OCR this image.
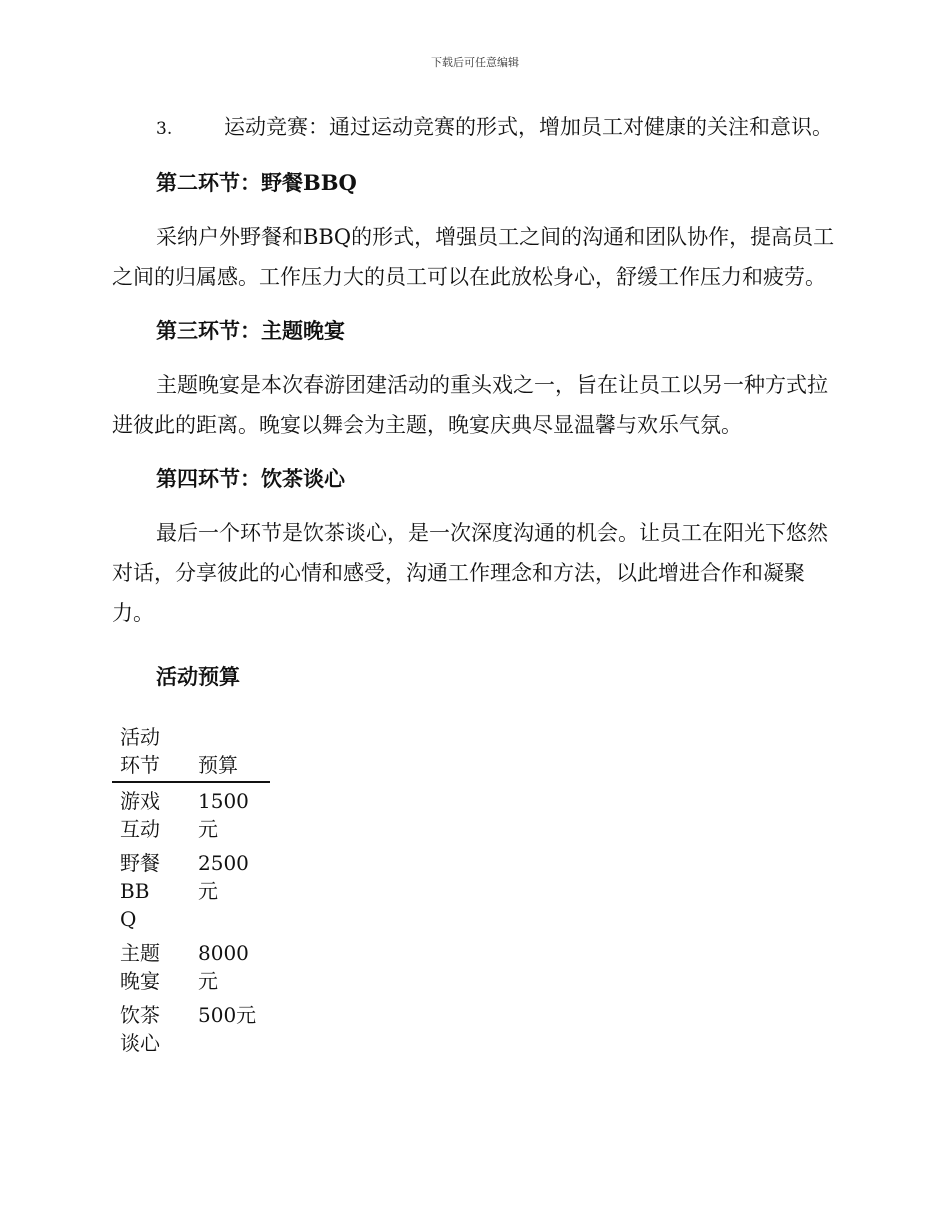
下载后可任意编辑
3. 运动竞赛：通过运动竞赛的形式，增加员工对健康的关注和意识。
第二环节：野餐BBQ
采纳户外野餐和BBQ的形式，增强员工之间的沟通和团队协作，提高员工之间的归属感。工作压力大的员工可以在此放松身心，舒缓工作压力和疲劳。
第三环节：主题晚宴
主题晚宴是本次春游团建活动的重头戏之一，旨在让员工以另一种方式拉进彼此的距离。晚宴以舞会为主题，晚宴庆典尽显温馨与欢乐气氛。
第四环节：饮茶谈心
最后一个环节是饮茶谈心，是一次深度沟通的机会。让员工在阳光下悠然对话，分享彼此的心情和感受，沟通工作理念和方法，以此增进合作和凝聚力。
活动预算
活动环节	预算

游戏互动	1500元

野餐BBQ	2500元

主题晚宴	8000元

饮茶谈心	500元
